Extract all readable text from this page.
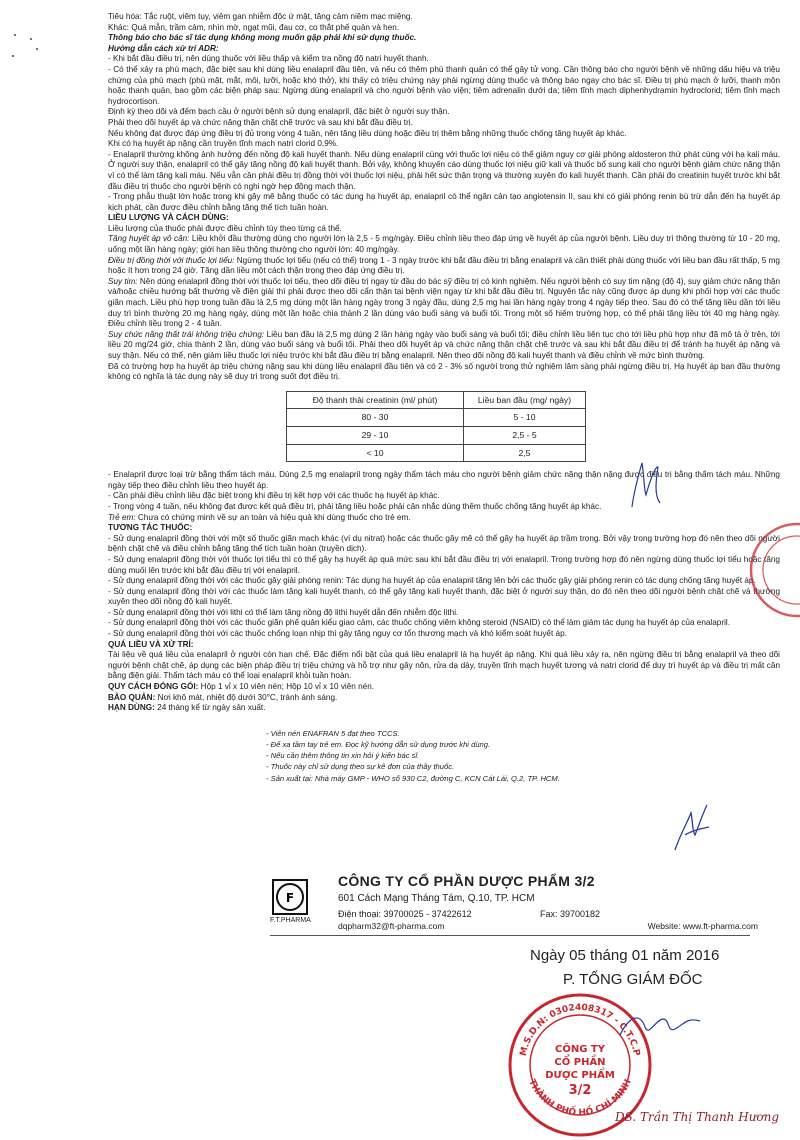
Tiêu hóa: Tắc ruột, viêm tụy, viêm gan nhiễm độc ứ mật, tăng cảm niêm mạc miệng.

Khác: Quá mẫn, trầm cảm, nhìn mờ, ngạt mũi, đau cơ, co thắt phế quản và hen.

Thông báo cho bác sĩ tác dụng không mong muốn gặp phải khi sử dụng thuốc.

Hướng dẫn cách xử trí ADR:

- Khi bắt đầu điều trị, nên dùng thuốc với liều thấp và kiểm tra nồng độ natri huyết thanh.

- Có thể xảy ra phù mạch, đặc biệt sau khi dùng liều enalapril đầu tiên, và nếu có thêm phù thanh quản có thể gây tử vong. Cần thông báo cho người bệnh về những dấu hiệu và triệu chứng của phù mạch (phù mặt, mắt, môi, lưỡi, hoặc khó thở), khi thấy có triệu chứng này phải ngừng dùng thuốc và thông báo ngay cho bác sĩ. Điều trị phù mạch ở lưỡi, thanh môn hoặc thanh quản, bao gồm các biện pháp sau: Ngừng dùng enalapril và cho người bệnh vào viện; tiêm adrenalin dưới da; tiêm tĩnh mạch diphenhydramin hydroclorid; tiêm tĩnh mạch hydrocortison.

Định kỳ theo dõi và đếm bạch cầu ở người bệnh sử dụng enalapril, đặc biệt ở người suy thận.

Phải theo dõi huyết áp và chức năng thận chặt chẽ trước và sau khi bắt đầu điều trị.

Nếu không đạt được đáp ứng điều trị đủ trong vòng 4 tuần, nên tăng liều dùng hoặc điều trị thêm bằng những thuốc chống tăng huyết áp khác.

Khi có hạ huyết áp nặng cần truyền tĩnh mạch natri clorid 0,9%.

- Enalapril thường không ảnh hưởng đến nồng độ kali huyết thanh. Nếu dùng enalapril cùng với thuốc lợi niệu có thể giảm nguy cơ giải phóng aldosteron thứ phát cùng với hạ kali máu. Ở người suy thận, enalapril có thể gây tăng nồng độ kali huyết thanh. Bởi vậy, không khuyến cáo dùng thuốc lợi niệu giữ kali và thuốc bổ sung kali cho người bệnh giảm chức năng thận vì có thể làm tăng kali máu. Nếu vẫn cần phải điều trị đồng thời với thuốc lợi niệu, phải hết sức thận trọng và thường xuyên đo kali huyết thanh. Cần phải đo creatinin huyết trước khi bắt đầu điều trị thuốc cho người bệnh có nghi ngờ hẹp động mạch thận.

- Trong phẫu thuật lớn hoặc trong khi gây mê bằng thuốc có tác dụng hạ huyết áp, enalapril có thể ngăn cản tạo angiotensin II, sau khi có giải phóng renin bù trừ dẫn đến hạ huyết áp kịch phát, cần được điều chỉnh bằng tăng thể tích tuần hoàn.

LIỀU LƯỢNG VÀ CÁCH DÙNG:

Liều lượng của thuốc phải được điều chỉnh tùy theo từng cá thể.

Tăng huyết áp vô căn: Liều khởi đầu thường dùng cho người lớn là 2,5 - 5 mg/ngày. Điều chỉnh liều theo đáp ứng về huyết áp của người bệnh. Liều duy trì thông thường từ 10 - 20 mg, uống một lần hàng ngày; giới hạn liều thông thường cho người lớn: 40 mg/ngày.

Điều trị đồng thời với thuốc lợi tiểu: Ngừng thuốc lợi tiểu (nếu có thể) trong 1 - 3 ngày trước khi bắt đầu điều trị bằng enalapril và cần thiết phải dùng thuốc với liều ban đầu rất thấp, 5 mg hoặc ít hơn trong 24 giờ. Tăng dần liều một cách thận trọng theo đáp ứng điều trị.

Suy tim: Nên dùng enalapril đồng thời với thuốc lợi tiểu, theo dõi điều trị ngay từ đầu do bác sỹ điều trị có kinh nghiệm. Nếu người bệnh có suy tim nặng (độ 4), suy giảm chức năng thận và/hoặc chiều hướng bất thường về điện giải thì phải được theo dõi cẩn thận tại bệnh viện ngay từ khi bắt đầu điều trị. Nguyên tắc này cũng được áp dụng khi phối hợp với các thuốc giãn mạch. Liều phù hợp trong tuần đầu là 2,5 mg dùng một lần hàng ngày trong 3 ngày đầu, dùng 2,5 mg hai lần hàng ngày trong 4 ngày tiếp theo. Sau đó có thể tăng liều dần tới liều duy trì bình thường 20 mg hàng ngày, dùng một lần hoặc chia thành 2 lần dùng vào buổi sáng và buổi tối. Trong một số hiếm trường hợp, có thể phải tăng liều tới 40 mg hàng ngày. Điều chỉnh liều trong 2 - 4 tuần.

Suy chức năng thất trái không triệu chứng: Liều ban đầu là 2,5 mg dùng 2 lần hàng ngày vào buổi sáng và buổi tối; điều chỉnh liều liên tục cho tới liều phù hợp như đã mô tả ở trên, tới liều 20 mg/24 giờ, chia thành 2 lần, dùng vào buổi sáng và buổi tối. Phải theo dõi huyết áp và chức năng thận chặt chẽ trước và sau khi bắt đầu điều trị để tránh hạ huyết áp nặng và suy thận. Nếu có thể, nên giảm liều thuốc lợi niệu trước khi bắt đầu điều trị bằng enalapril. Nên theo dõi nồng độ kali huyết thanh và điều chỉnh về mức bình thường.

Đã có trường hợp hạ huyết áp triệu chứng nặng sau khi dùng liều enalapril đầu tiên và có 2 - 3% số người trong thử nghiệm lâm sàng phải ngừng điều trị. Hạ huyết áp ban đầu thường không có nghĩa là tác dụng này sẽ duy trì trong suốt đợt điều trị.

Độ thanh thải creatinin (ml/ phút)	Liều ban đầu (mg/ ngày)
80 - 30	5 - 10
29 - 10	2,5 - 5
< 10	2,5

- Enalapril được loại trừ bằng thẩm tách máu. Dùng 2,5 mg enalapril trong ngày thẩm tách máu cho người bệnh giảm chức năng thận nặng được điều trị bằng thẩm tách máu. Những ngày tiếp theo điều chỉnh liều theo huyết áp.

- Cần phải điều chỉnh liều đặc biệt trong khi điều trị kết hợp với các thuốc hạ huyết áp khác.

- Trong vòng 4 tuần, nếu không đạt được kết quả điều trị, phải tăng liều hoặc phải cân nhắc dùng thêm thuốc chống tăng huyết áp khác.

Trẻ em: Chưa có chứng minh về sự an toàn và hiệu quả khi dùng thuốc cho trẻ em.

TƯƠNG TÁC THUỐC:

- Sử dụng enalapril đồng thời với một số thuốc giãn mạch khác (ví dụ nitrat) hoặc các thuốc gây mê có thể gây hạ huyết áp trầm trọng. Bởi vậy trong trường hợp đó nên theo dõi người bệnh chặt chẽ và điều chỉnh bằng tăng thể tích tuần hoàn (truyền dịch).

- Sử dụng enalapril đồng thời với thuốc lợi tiểu thì có thể gây hạ huyết áp quá mức sau khi bắt đầu điều trị với enalapril. Trong trường hợp đó nên ngừng dùng thuốc lợi tiểu hoặc tăng dùng muối lên trước khi bắt đầu điều trị với enalapril.

- Sử dụng enalapril đồng thời với các thuốc gây giải phóng renin: Tác dụng hạ huyết áp của enalapril tăng lên bởi các thuốc gây giải phóng renin có tác dụng chống tăng huyết áp.

- Sử dụng enalapril đồng thời với các thuốc làm tăng kali huyết thanh, có thể gây tăng kali huyết thanh, đặc biệt ở người suy thận, do đó nên theo dõi người bệnh chặt chẽ và thường xuyên theo dõi nồng độ kali huyết.

- Sử dụng enalapril đồng thời với lithi có thể làm tăng nồng độ lithi huyết dẫn đến nhiễm độc lithi.

- Sử dụng enalapril đồng thời với các thuốc giãn phế quản kiểu giao cảm, các thuốc chống viêm không steroid (NSAID) có thể làm giảm tác dụng hạ huyết áp của enalapril.

- Sử dụng enalapril đồng thời với các thuốc chống loạn nhịp thì gây tăng nguy cơ tổn thương mạch và khó kiểm soát huyết áp.

QUÁ LIỀU VÀ XỬ TRÍ:

Tài liệu về quá liều của enalapril ở người còn hạn chế. Đặc điểm nổi bật của quá liều enalapril là hạ huyết áp nặng. Khi quá liều xảy ra, nên ngừng điều trị bằng enalapril và theo dõi người bệnh chặt chẽ, áp dụng các biện pháp điều trị triệu chứng và hỗ trợ như gây nôn, rửa dạ dày, truyền tĩnh mạch huyết tương và natri clorid để duy trì huyết áp và điều trị mất cân bằng điện giải. Thẩm tách máu có thể loại enalapril khỏi tuần hoàn.

QUY CÁCH ĐÓNG GÓI: Hộp 1 vỉ x 10 viên nén; Hộp 10 vỉ x 10 viên nén.

BẢO QUẢN: Nơi khô mát, nhiệt độ dưới 30°C, tránh ánh sáng.

HẠN DÙNG: 24 tháng kể từ ngày sản xuất.

- Viên nén ENAFRAN 5 đạt theo TCCS.
- Để xa tầm tay trẻ em. Đọc kỹ hướng dẫn sử dụng trước khi dùng.
- Nếu cần thêm thông tin xin hỏi ý kiến bác sĩ.
- Thuốc này chỉ sử dụng theo sự kê đơn của thầy thuốc.
- Sản xuất tại: Nhà máy GMP - WHO số 930 C2, đường C, KCN Cát Lái, Q.2, TP. HCM.
F
F.T.PHARMA
CÔNG TY CỔ PHẦN DƯỢC PHẨM 3/2
601 Cách Mạng Tháng Tám, Q.10, TP. HCM
Điện thoại: 39700025 - 37422612	Fax: 39700182
dqpharm32@ft-pharma.com	Website: www.ft-pharma.com
Ngày 05 tháng 01 năm 2016
P. TỔNG GIÁM ĐỐC
M.S.D.N: 0302408317 - C.T.C.P
THÀNH PHỐ HỒ CHÍ MINH
CÔNG TY
CỔ PHẦN
DƯỢC PHẨM
3/2
DS. Trần Thị Thanh Hương
